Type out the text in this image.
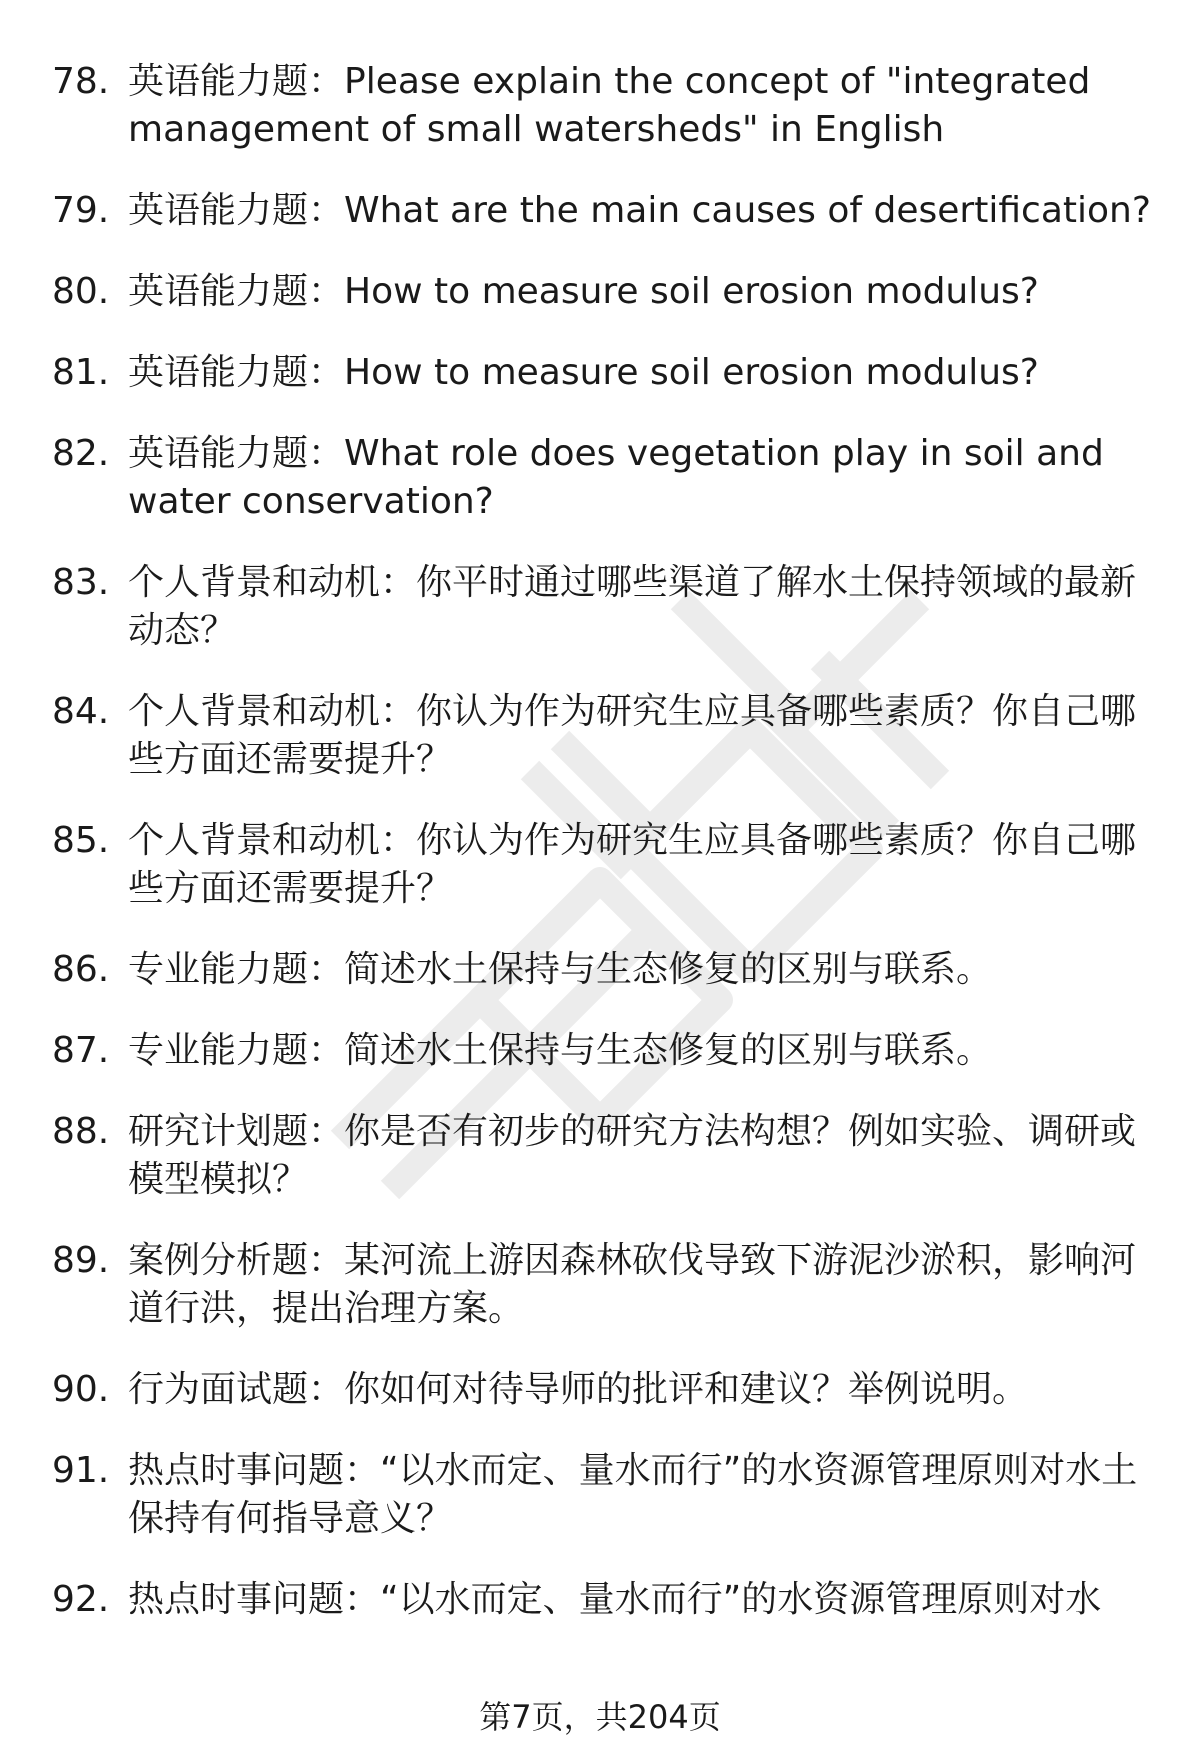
78. 英语能力题：Please explain the concept of "integrated management of small watersheds" in English
79. 英语能力题：What are the main causes of desertification?
80. 英语能力题：How to measure soil erosion modulus?
81. 英语能力题：How to measure soil erosion modulus?
82. 英语能力题：What role does vegetation play in soil and water conservation?
83. 个人背景和动机：你平时通过哪些渠道了解水土保持领域的最新动态？
84. 个人背景和动机：你认为作为研究生应具备哪些素质？你自己哪些方面还需要提升？
85. 个人背景和动机：你认为作为研究生应具备哪些素质？你自己哪些方面还需要提升？
86. 专业能力题：简述水土保持与生态修复的区别与联系。
87. 专业能力题：简述水土保持与生态修复的区别与联系。
88. 研究计划题：你是否有初步的研究方法构想？例如实验、调研或模型模拟？
89. 案例分析题：某河流上游因森林砍伐导致下游泥沙淤积，影响河道行洪，提出治理方案。
90. 行为面试题：你如何对待导师的批评和建议？举例说明。
91. 热点时事问题：“以水而定、量水而行”的水资源管理原则对水土保持有何指导意义？
92. 热点时事问题：“以水而定、量水而行”的水资源管理原则对水
第7页，共204页
